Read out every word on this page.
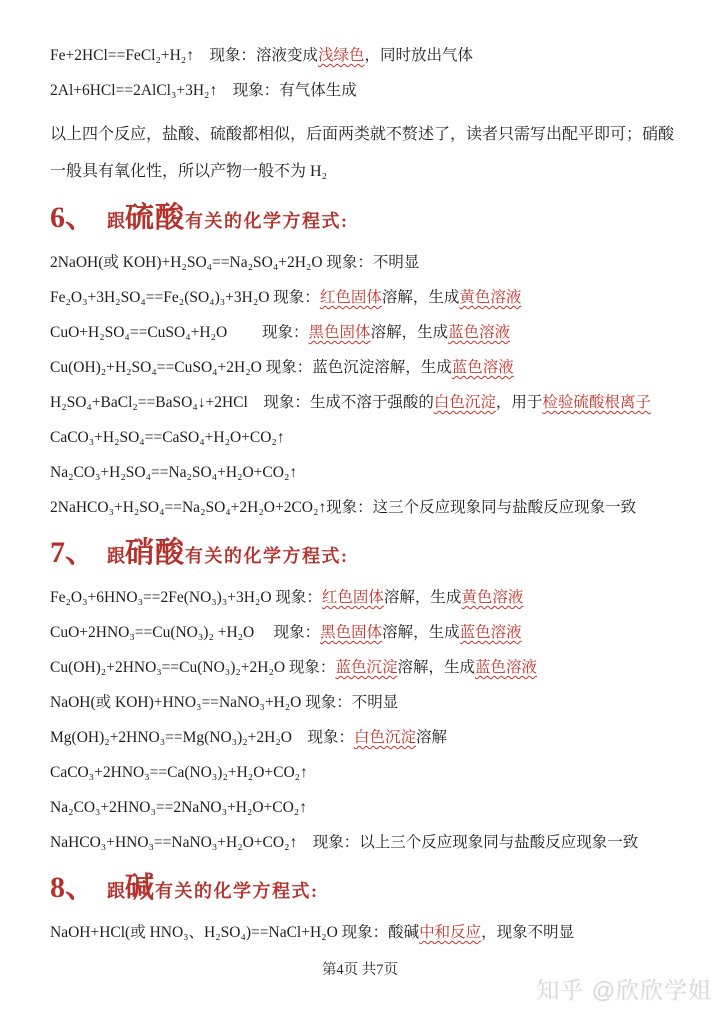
Fe+2HCl==FeCl₂+H₂↑　现象：溶液变成浅绿色，同时放出气体
2Al+6HCl==2AlCl₃+3H₂↑　现象：有气体生成
以上四个反应，盐酸、硫酸都相似，后面两类就不赘述了，读者只需写出配平即可；硝酸一般具有氧化性，所以产物一般不为 H₂
6、 跟硫酸有关的化学方程式:
2NaOH(或 KOH)+H₂SO₄==Na₂SO₄+2H₂O 现象：不明显
Fe₂O₃+3H₂SO₄==Fe₂(SO₄)₃+3H₂O 现象：红色固体溶解，生成黄色溶液
CuO+H₂SO₄==CuSO₄+H₂O　　 现象：黑色固体溶解，生成蓝色溶液
Cu(OH)₂+H₂SO₄==CuSO₄+2H₂O 现象：蓝色沉淀溶解，生成蓝色溶液
H₂SO₄+BaCl₂==BaSO₄↓+2HCl　现象：生成不溶于强酸的白色沉淀，用于检验硫酸根离子
CaCO₃+H₂SO₄==CaSO₄+H₂O+CO₂↑
Na₂CO₃+H₂SO₄==Na₂SO₄+H₂O+CO₂↑
2NaHCO₃+H₂SO₄==Na₂SO₄+2H₂O+2CO₂↑现象：这三个反应现象同与盐酸反应现象一致
7、 跟硝酸有关的化学方程式:
Fe₂O₃+6HNO₃==2Fe(NO₃)₃+3H₂O 现象：红色固体溶解，生成黄色溶液
CuO+2HNO₃==Cu(NO₃)₂ +H₂O　 现象：黑色固体溶解，生成蓝色溶液
Cu(OH)₂+2HNO₃==Cu(NO₃)₂+2H₂O 现象：蓝色沉淀溶解，生成蓝色溶液
NaOH(或 KOH)+HNO₃==NaNO₃+H₂O 现象：不明显
Mg(OH)₂+2HNO₃==Mg(NO₃)₂+2H₂O　现象：白色沉淀溶解
CaCO₃+2HNO₃==Ca(NO₃)₂+H₂O+CO₂↑
Na₂CO₃+2HNO₃==2NaNO₃+H₂O+CO₂↑
NaHCO₃+HNO₃==NaNO₃+H₂O+CO₂↑　现象：以上三个反应现象同与盐酸反应现象一致
8、 跟碱有关的化学方程式:
NaOH+HCl(或 HNO₃、H₂SO₄)==NaCl+H₂O 现象：酸碱中和反应，现象不明显
第4页 共7页
知乎 @欣欣学姐
